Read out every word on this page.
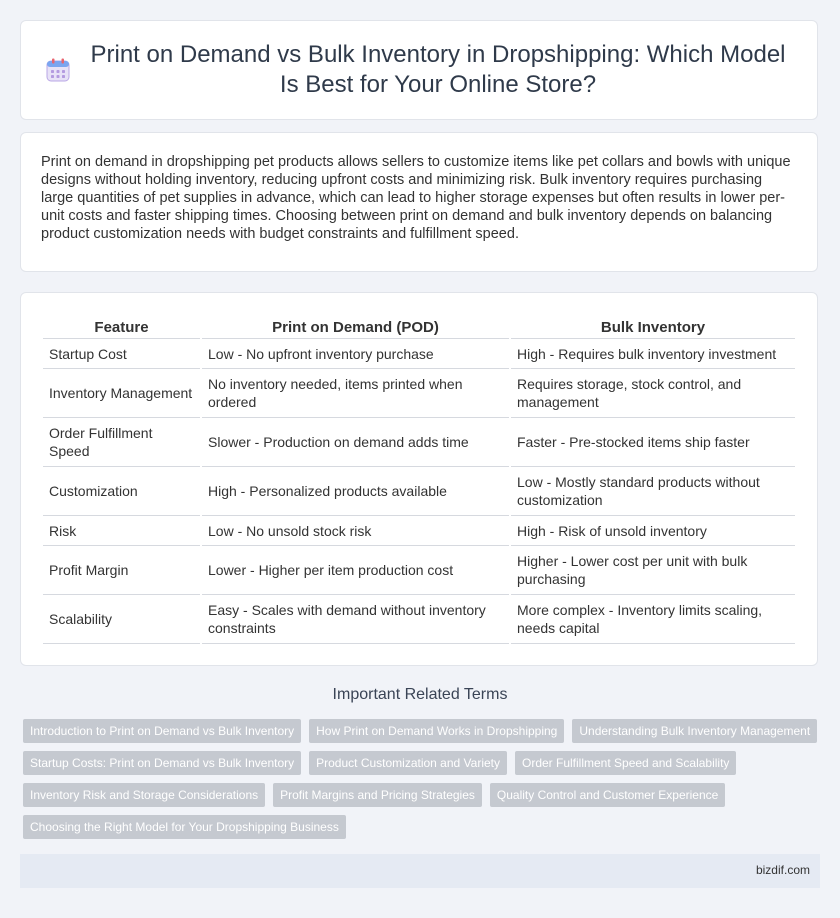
Print on Demand vs Bulk Inventory in Dropshipping: Which Model Is Best for Your Online Store?

Print on demand in dropshipping pet products allows sellers to customize items like pet collars and bowls with unique designs without holding inventory, reducing upfront costs and minimizing risk. Bulk inventory requires purchasing large quantities of pet supplies in advance, which can lead to higher storage expenses but often results in lower per-unit costs and faster shipping times. Choosing between print on demand and bulk inventory depends on balancing product customization needs with budget constraints and fulfillment speed.

Feature	Print on Demand (POD)	Bulk Inventory
Startup Cost	Low - No upfront inventory purchase	High - Requires bulk inventory investment
Inventory Management	No inventory needed, items printed when ordered	Requires storage, stock control, and management
Order Fulfillment Speed	Slower - Production on demand adds time	Faster - Pre-stocked items ship faster
Customization	High - Personalized products available	Low - Mostly standard products without customization
Risk	Low - No unsold stock risk	High - Risk of unsold inventory
Profit Margin	Lower - Higher per item production cost	Higher - Lower cost per unit with bulk purchasing
Scalability	Easy - Scales with demand without inventory constraints	More complex - Inventory limits scaling, needs capital
Important Related Terms
Introduction to Print on Demand vs Bulk Inventory	How Print on Demand Works in Dropshipping	Understanding Bulk Inventory Management
Startup Costs: Print on Demand vs Bulk Inventory	Product Customization and Variety	Order Fulfillment Speed and Scalability
Inventory Risk and Storage Considerations	Profit Margins and Pricing Strategies	Quality Control and Customer Experience
Choosing the Right Model for Your Dropshipping Business
bizdif.com
